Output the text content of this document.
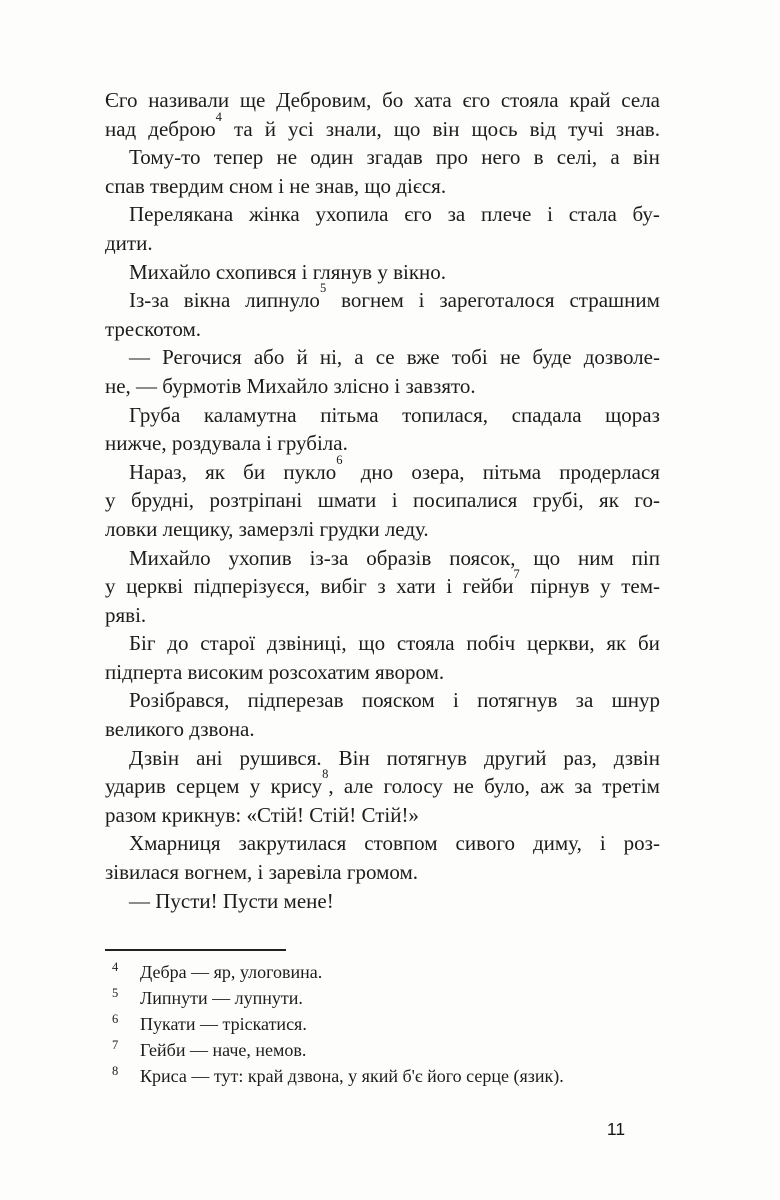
Єго називали ще Дебровим, бо хата єго стояла край села
над деброю$^4$ та й усі знали, що він щось від тучі знав.
Тому-то тепер не один згадав про него в селі, а він
спав твердим сном і не знав, що дієся.
Перелякана жінка ухопила єго за плече і стала бу-
дити.
Михайло схопився і глянув у вікно.
Із-за вікна липнуло$^5$ вогнем і зареготалося страшним
трескотом.
— Регочися або й ні, а се вже тобі не буде дозволе-
не, — бурмотів Михайло злісно і завзято.
Груба каламутна пітьма топилася, спадала щораз
нижче, роздувала і грубіла.
Нараз, як би пукло$^6$ дно озера, пітьма продерлася
у брудні, розтріпані шмати і посипалися грубі, як го-
ловки лещику, замерзлі грудки леду.
Михайло ухопив із-за образів поясок, що ним піп
у церкві підперізуєся, вибіг з хати і гейби$^7$ пірнув у тем-
ряві.
Біг до старої дзвіниці, що стояла побіч церкви, як би
підперта високим розсохатим явором.
Розібрався, підперезав пояском і потягнув за шнур
великого дзвона.
Дзвін ані рушився. Він потягнув другий раз, дзвін
ударив серцем у крису$^8$, але голосу не було, аж за третім
разом крикнув: «Стій! Стій! Стій!»
Хмарниця закрутилася стовпом сивого диму, і роз-
зівилася вогнем, і заревіла громом.
— Пусти! Пусти мене!
4 Дебра — яр, улоговина.
5 Липнути — лупнути.
6 Пукати — тріскатися.
7 Гейби — наче, немов.
8 Криса — тут: край дзвона, у який б'є його серце (язик).
11
